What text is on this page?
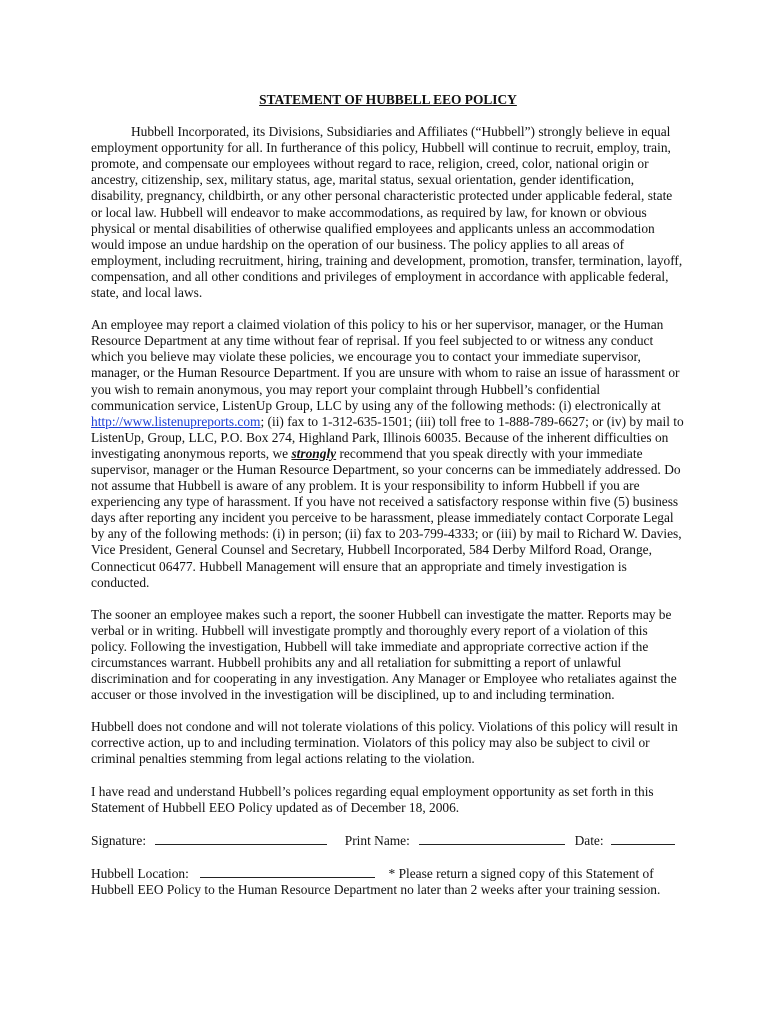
STATEMENT OF HUBBELL EEO POLICY

Hubbell Incorporated, its Divisions, Subsidiaries and Affiliates (“Hubbell”) strongly believe in equal employment opportunity for all. In furtherance of this policy, Hubbell will continue to recruit, employ, train, promote, and compensate our employees without regard to race, religion, creed, color, national origin or ancestry, citizenship, sex, military status, age, marital status, sexual orientation, gender identification, disability, pregnancy, childbirth, or any other personal characteristic protected under applicable federal, state or local law. Hubbell will endeavor to make accommodations, as required by law, for known or obvious physical or mental disabilities of otherwise qualified employees and applicants unless an accommodation would impose an undue hardship on the operation of our business. The policy applies to all areas of employment, including recruitment, hiring, training and development, promotion, transfer, termination, layoff, compensation, and all other conditions and privileges of employment in accordance with applicable federal, state, and local laws.

An employee may report a claimed violation of this policy to his or her supervisor, manager, or the Human Resource Department at any time without fear of reprisal. If you feel subjected to or witness any conduct which you believe may violate these policies, we encourage you to contact your immediate supervisor, manager, or the Human Resource Department. If you are unsure with whom to raise an issue of harassment or you wish to remain anonymous, you may report your complaint through Hubbell’s confidential communication service, ListenUp Group, LLC by using any of the following methods: (i) electronically at http://www.listenupreports.com; (ii) fax to 1-312-635-1501; (iii) toll free to 1-888-789-6627; or (iv) by mail to ListenUp, Group, LLC, P.O. Box 274, Highland Park, Illinois 60035. Because of the inherent difficulties on investigating anonymous reports, we strongly recommend that you speak directly with your immediate supervisor, manager or the Human Resource Department, so your concerns can be immediately addressed. Do not assume that Hubbell is aware of any problem. It is your responsibility to inform Hubbell if you are experiencing any type of harassment. If you have not received a satisfactory response within five (5) business days after reporting any incident you perceive to be harassment, please immediately contact Corporate Legal by any of the following methods: (i) in person; (ii) fax to 203-799-4333; or (iii) by mail to Richard W. Davies, Vice President, General Counsel and Secretary, Hubbell Incorporated, 584 Derby Milford Road, Orange, Connecticut 06477. Hubbell Management will ensure that an appropriate and timely investigation is conducted.

The sooner an employee makes such a report, the sooner Hubbell can investigate the matter. Reports may be verbal or in writing. Hubbell will investigate promptly and thoroughly every report of a violation of this policy. Following the investigation, Hubbell will take immediate and appropriate corrective action if the circumstances warrant. Hubbell prohibits any and all retaliation for submitting a report of unlawful discrimination and for cooperating in any investigation. Any Manager or Employee who retaliates against the accuser or those involved in the investigation will be disciplined, up to and including termination.

Hubbell does not condone and will not tolerate violations of this policy. Violations of this policy will result in corrective action, up to and including termination. Violators of this policy may also be subject to civil or criminal penalties stemming from legal actions relating to the violation.

I have read and understand Hubbell’s polices regarding equal employment opportunity as set forth in this Statement of Hubbell EEO Policy updated as of December 18, 2006.

Signature:	Print Name:	Date:
Hubbell Location:	* Please return a signed copy of this Statement of
Hubbell EEO Policy to the Human Resource Department no later than 2 weeks after your training session.
